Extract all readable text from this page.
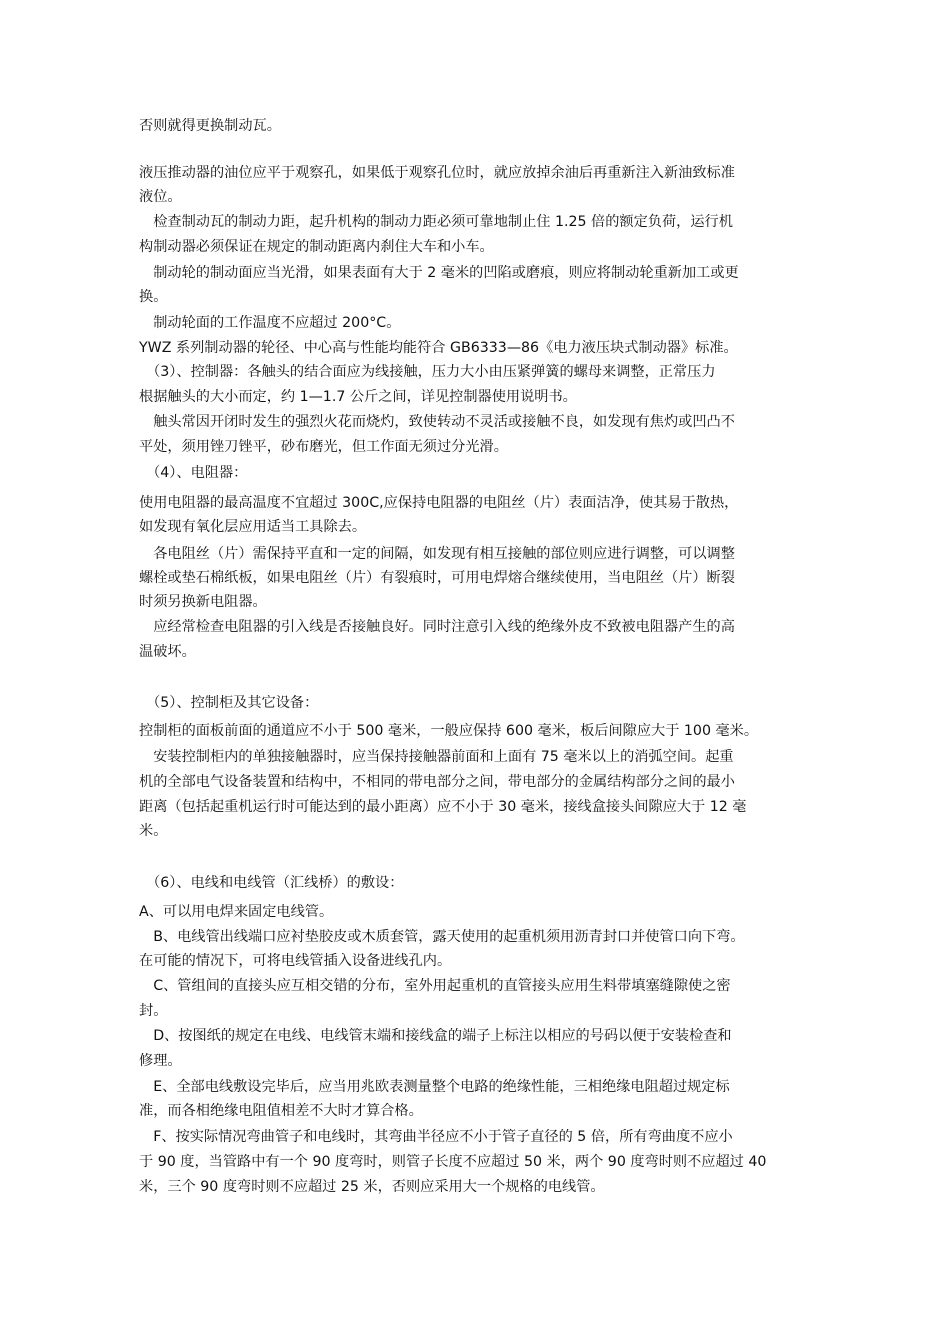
否则就得更换制动瓦。
液压推动器的油位应平于观察孔，如果低于观察孔位时，就应放掉余油后再重新注入新油致标准
液位。
　检查制动瓦的制动力距，起升机构的制动力距必须可靠地制止住 1.25 倍的额定负荷，运行机
构制动器必须保证在规定的制动距离内刹住大车和小车。
　制动轮的制动面应当光滑，如果表面有大于 2 毫米的凹陷或磨痕，则应将制动轮重新加工或更
换。
　制动轮面的工作温度不应超过 200°C。
YWZ 系列制动器的轮径、中心高与性能均能符合 GB6333—86《电力液压块式制动器》标准。
　（3）、控制器：各触头的结合面应为线接触，压力大小由压紧弹簧的螺母来调整，正常压力
根据触头的大小而定，约 1—1.7 公斤之间，详见控制器使用说明书。
　触头常因开闭时发生的强烈火花而烧灼，致使转动不灵活或接触不良，如发现有焦灼或凹凸不
平处，须用锉刀锉平，砂布磨光，但工作面无须过分光滑。
　（4）、电阻器：
使用电阻器的最高温度不宜超过 300C,应保持电阻器的电阻丝（片）表面洁净，使其易于散热，
如发现有氧化层应用适当工具除去。
　各电阻丝（片）需保持平直和一定的间隔，如发现有相互接触的部位则应进行调整，可以调整
螺栓或垫石棉纸板，如果电阻丝（片）有裂痕时，可用电焊熔合继续使用，当电阻丝（片）断裂
时须另换新电阻器。
　应经常检查电阻器的引入线是否接触良好。同时注意引入线的绝缘外皮不致被电阻器产生的高
温破坏。
　（5）、控制柜及其它设备：
控制柜的面板前面的通道应不小于 500 毫米，一般应保持 600 毫米，板后间隙应大于 100 毫米。
　安装控制柜内的单独接触器时，应当保持接触器前面和上面有 75 毫米以上的消弧空间。起重
机的全部电气设备装置和结构中，不相同的带电部分之间，带电部分的金属结构部分之间的最小
距离（包括起重机运行时可能达到的最小距离）应不小于 30 毫米，接线盒接头间隙应大于 12 毫
米。
　（6）、电线和电线管（汇线桥）的敷设：
A、可以用电焊来固定电线管。
　B、电线管出线端口应衬垫胶皮或木质套管，露天使用的起重机须用沥青封口并使管口向下弯。
在可能的情况下，可将电线管插入设备进线孔内。
　C、管组间的直接头应互相交错的分布，室外用起重机的直管接头应用生料带填塞缝隙使之密
封。
　D、按图纸的规定在电线、电线管末端和接线盒的端子上标注以相应的号码以便于安装检查和
修理。
　E、全部电线敷设完毕后，应当用兆欧表测量整个电路的绝缘性能，三相绝缘电阻超过规定标
准，而各相绝缘电阻值相差不大时才算合格。
　F、按实际情况弯曲管子和电线时，其弯曲半径应不小于管子直径的 5 倍，所有弯曲度不应小
于 90 度，当管路中有一个 90 度弯时，则管子长度不应超过 50 米，两个 90 度弯时则不应超过 40
米，三个 90 度弯时则不应超过 25 米，否则应采用大一个规格的电线管。
